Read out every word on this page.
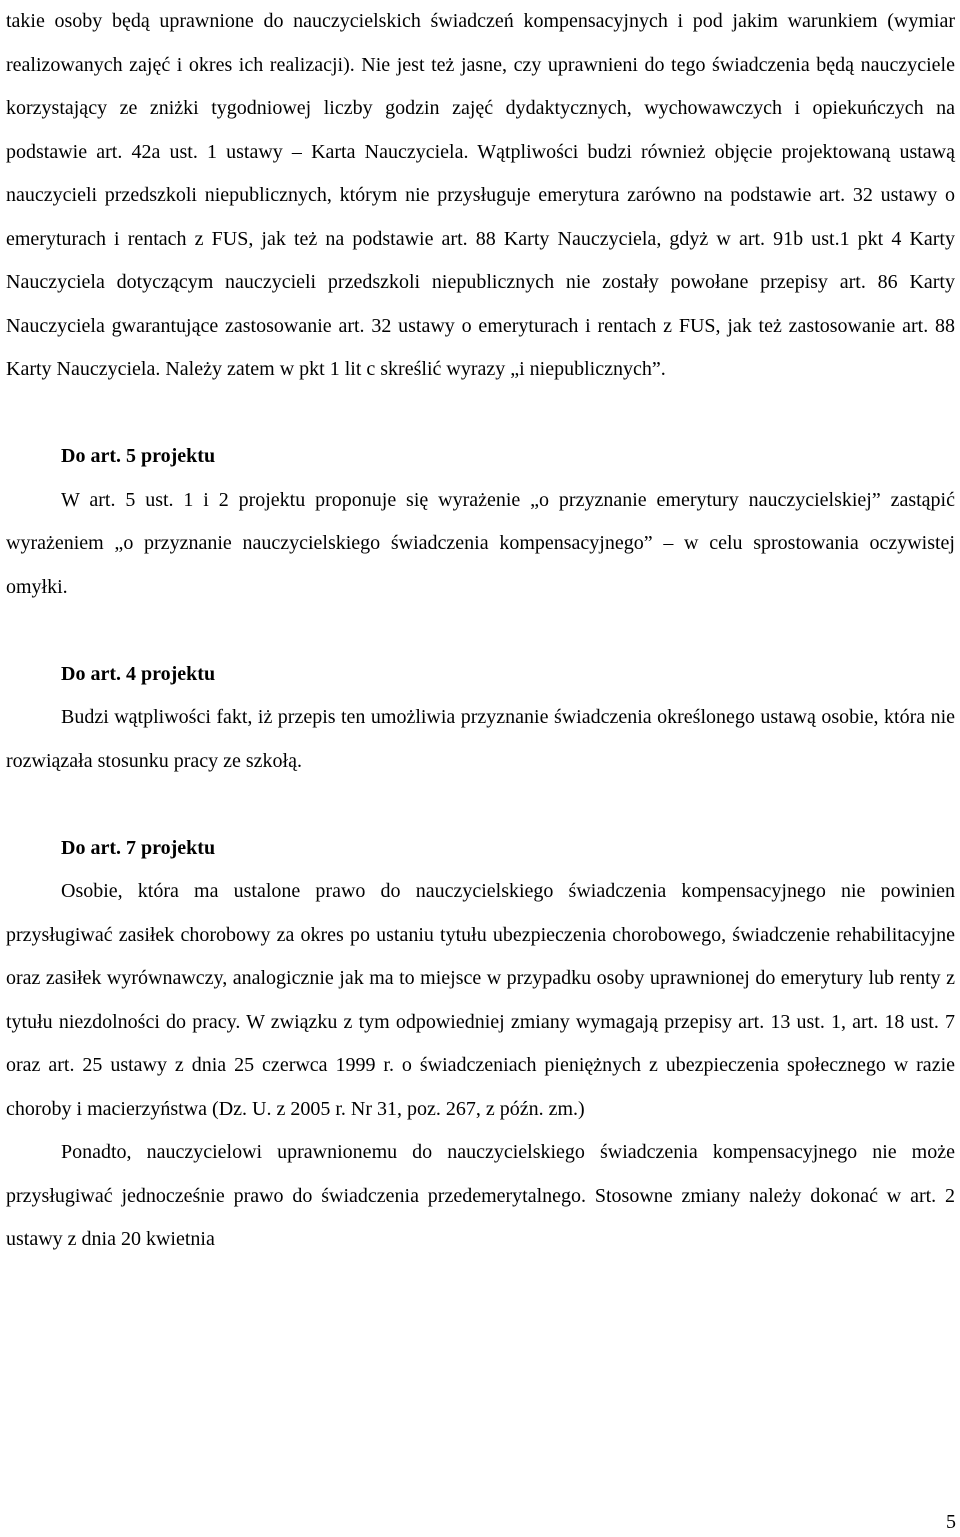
takie osoby będą uprawnione do nauczycielskich świadczeń kompensacyjnych i pod jakim warunkiem (wymiar realizowanych zajęć i okres ich realizacji). Nie jest też jasne, czy uprawnieni do tego świadczenia będą nauczyciele korzystający ze zniżki tygodniowej liczby godzin zajęć dydaktycznych, wychowawczych i opiekuńczych na podstawie art. 42a ust. 1 ustawy – Karta Nauczyciela. Wątpliwości budzi również objęcie projektowaną ustawą nauczycieli przedszkoli niepublicznych, którym nie przysługuje emerytura zarówno na podstawie art. 32 ustawy o emeryturach i rentach z FUS, jak też na podstawie art. 88 Karty Nauczyciela, gdyż w art. 91b ust.1 pkt 4 Karty Nauczyciela dotyczącym nauczycieli przedszkoli niepublicznych nie zostały powołane przepisy art. 86 Karty Nauczyciela gwarantujące zastosowanie art. 32 ustawy o emeryturach i rentach z FUS, jak też zastosowanie art. 88 Karty Nauczyciela. Należy zatem w pkt 1 lit c skreślić wyrazy „i niepublicznych”.

Do art. 5 projektu

W art. 5 ust. 1 i 2 projektu proponuje się wyrażenie „o przyznanie emerytury nauczycielskiej” zastąpić wyrażeniem „o przyznanie nauczycielskiego świadczenia kompensacyjnego” – w celu sprostowania oczywistej omyłki.

Do art. 4 projektu

Budzi wątpliwości fakt, iż przepis ten umożliwia przyznanie świadczenia określonego ustawą osobie, która nie rozwiązała stosunku pracy ze szkołą.

Do art. 7 projektu

Osobie, która ma ustalone prawo do nauczycielskiego świadczenia kompensacyjnego nie powinien przysługiwać zasiłek chorobowy za okres po ustaniu tytułu ubezpieczenia chorobowego, świadczenie rehabilitacyjne oraz zasiłek wyrównawczy, analogicznie jak ma to miejsce w przypadku osoby uprawnionej do emerytury lub renty z tytułu niezdolności do pracy. W związku z tym odpowiedniej zmiany wymagają przepisy art. 13 ust. 1, art. 18 ust. 7 oraz art. 25 ustawy z dnia 25 czerwca 1999 r. o świadczeniach pieniężnych z ubezpieczenia społecznego w razie choroby i macierzyństwa (Dz. U. z 2005 r. Nr 31, poz. 267, z późn. zm.)

Ponadto, nauczycielowi uprawnionemu do nauczycielskiego świadczenia kompensacyjnego nie może przysługiwać jednocześnie prawo do świadczenia przedemerytalnego. Stosowne zmiany należy dokonać w art. 2 ustawy z dnia 20 kwietnia

5
